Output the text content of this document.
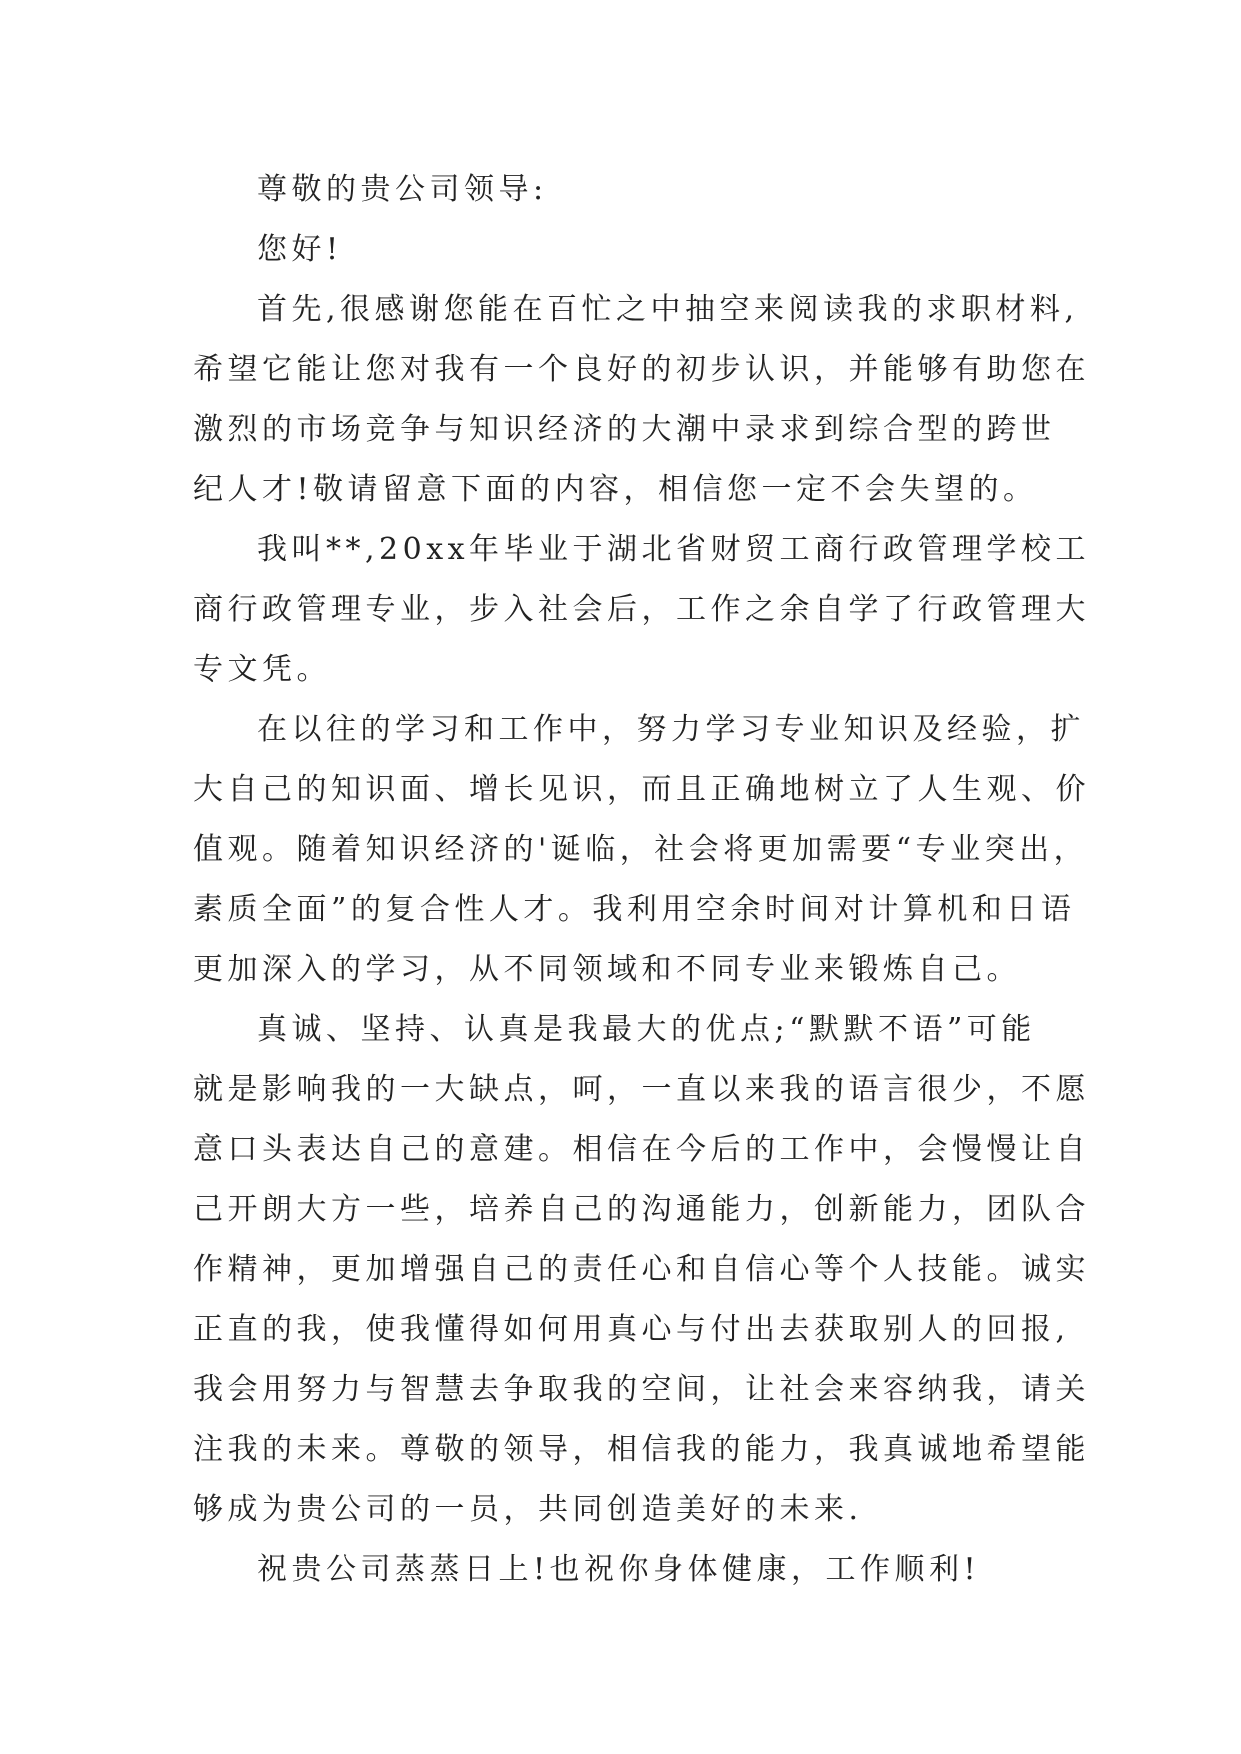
尊敬的贵公司领导:
您好!
首先,很感谢您能在百忙之中抽空来阅读我的求职材料,
希望它能让您对我有一个良好的初步认识，并能够有助您在
激烈的市场竞争与知识经济的大潮中录求到综合型的跨世
纪人才!敬请留意下面的内容，相信您一定不会失望的。
我叫**,20xx年毕业于湖北省财贸工商行政管理学校工
商行政管理专业，步入社会后，工作之余自学了行政管理大
专文凭。
在以往的学习和工作中，努力学习专业知识及经验，扩
大自己的知识面、增长见识，而且正确地树立了人生观、价
值观。随着知识经济的'诞临，社会将更加需要“专业突出，
素质全面”的复合性人才。我利用空余时间对计算机和日语
更加深入的学习，从不同领域和不同专业来锻炼自己。
真诚、坚持、认真是我最大的优点;“默默不语”可能
就是影响我的一大缺点，呵，一直以来我的语言很少，不愿
意口头表达自己的意建。相信在今后的工作中，会慢慢让自
己开朗大方一些，培养自己的沟通能力，创新能力，团队合
作精神，更加增强自己的责任心和自信心等个人技能。诚实
正直的我，使我懂得如何用真心与付出去获取别人的回报,
我会用努力与智慧去争取我的空间，让社会来容纳我，请关
注我的未来。尊敬的领导，相信我的能力，我真诚地希望能
够成为贵公司的一员，共同创造美好的未来.
祝贵公司蒸蒸日上!也祝你身体健康，工作顺利!
